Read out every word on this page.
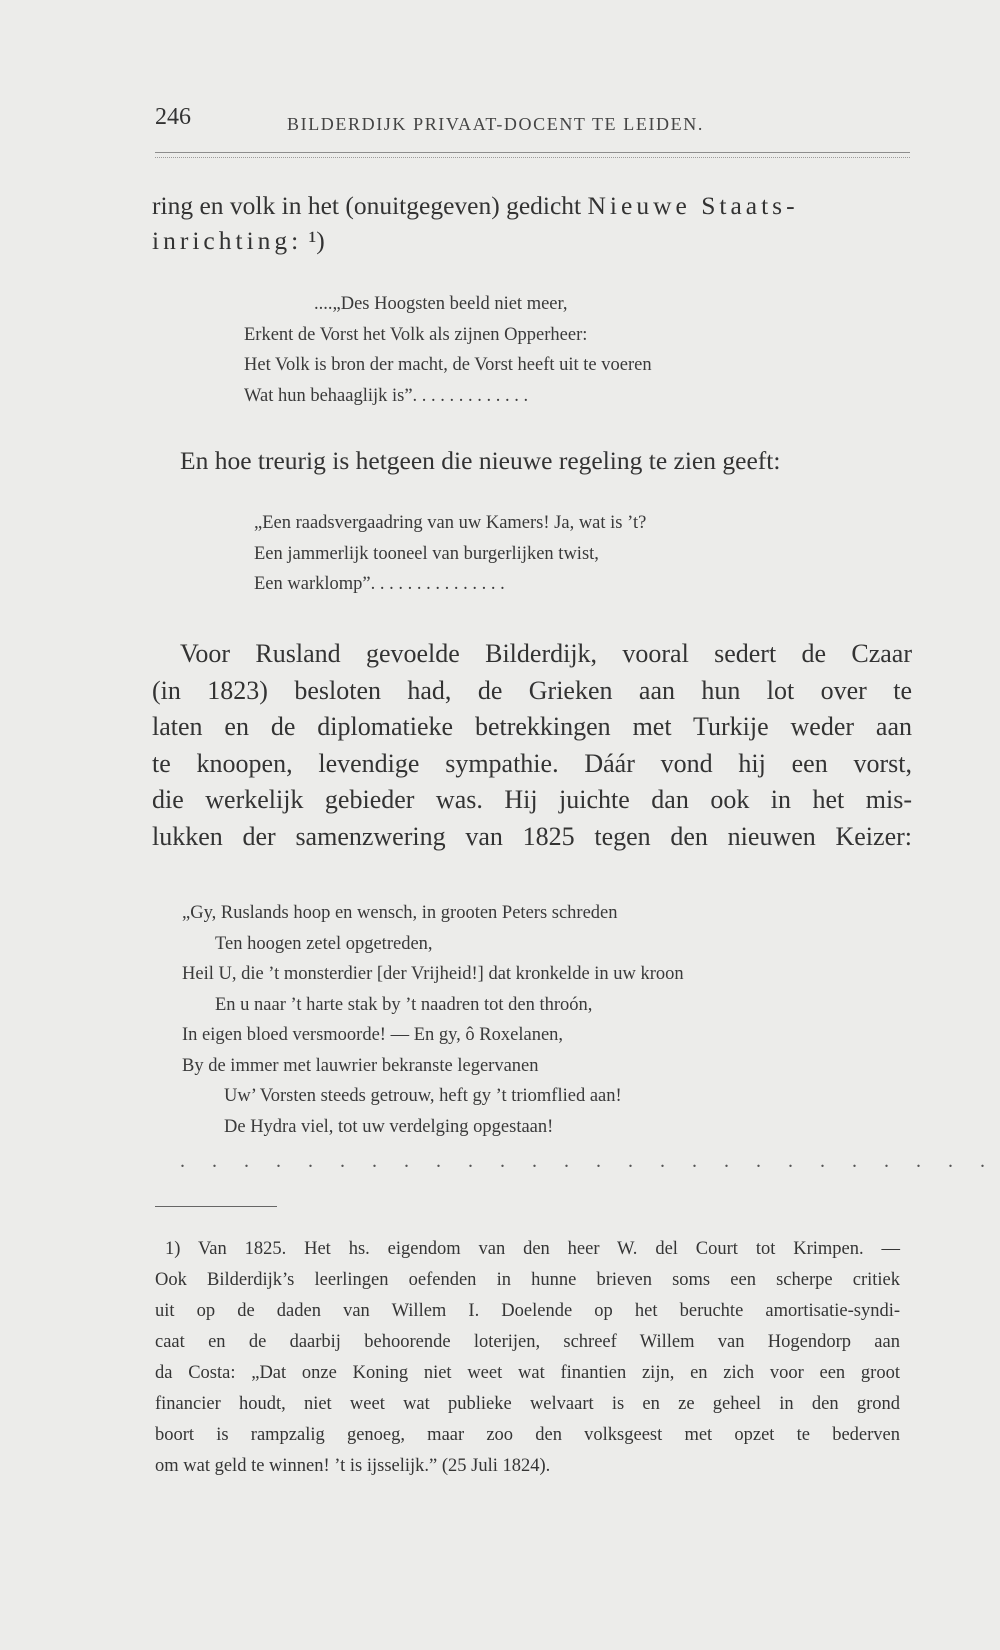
246	BILDERDIJK PRIVAAT-DOCENT TE LEIDEN.

ring en volk in het (onuitgegeven) gedicht Nieuwe Staats-
inrichting: ¹)

....„Des Hoogsten beeld niet meer,
Erkent de Vorst het Volk als zijnen Opperheer:
Het Volk is bron der macht, de Vorst heeft uit te voeren
Wat hun behaaglijk is”. . . . . . . . . . . . .

En hoe treurig is hetgeen die nieuwe regeling te zien geeft:

„Een raadsvergaadring van uw Kamers! Ja, wat is ’t?
Een jammerlijk tooneel van burgerlijken twist,
Een warklomp”. . . . . . . . . . . . . . .
Voor Rusland gevoelde Bilderdijk, vooral sedert de Czaar
(in 1823) besloten had, de Grieken aan hun lot over te
laten en de diplomatieke betrekkingen met Turkije weder aan
te knoopen, levendige sympathie. Dáár vond hij een vorst,
die werkelijk gebieder was. Hij juichte dan ook in het mis-
lukken der samenzwering van 1825 tegen den nieuwen Keizer:
„Gy, Ruslands hoop en wensch, in grooten Peters schreden
Ten hoogen zetel opgetreden,
Heil U, die ’t monsterdier [der Vrijheid!] dat kronkelde in uw kroon
En u naar ’t harte stak by ’t naadren tot den throón,
In eigen bloed versmoorde! — En gy, ô Roxelanen,
By de immer met lauwrier bekranste legervanen
Uw’ Vorsten steeds getrouw, heft gy ’t triomflied aan!
De Hydra viel, tot uw verdelging opgestaan!
. . . . . . . . . . . . . . . . . . . . . . . . . .
1) Van 1825. Het hs. eigendom van den heer W. del Court tot Krimpen. —
Ook Bilderdijk’s leerlingen oefenden in hunne brieven soms een scherpe critiek
uit op de daden van Willem I. Doelende op het beruchte amortisatie-syndi-
caat en de daarbij behoorende loterijen, schreef Willem van Hogendorp aan
da Costa: „Dat onze Koning niet weet wat finantien zijn, en zich voor een groot
financier houdt, niet weet wat publieke welvaart is en ze geheel in den grond
boort is rampzalig genoeg, maar zoo den volksgeest met opzet te bederven
om wat geld te winnen! ’t is ijsselijk.” (25 Juli 1824).
